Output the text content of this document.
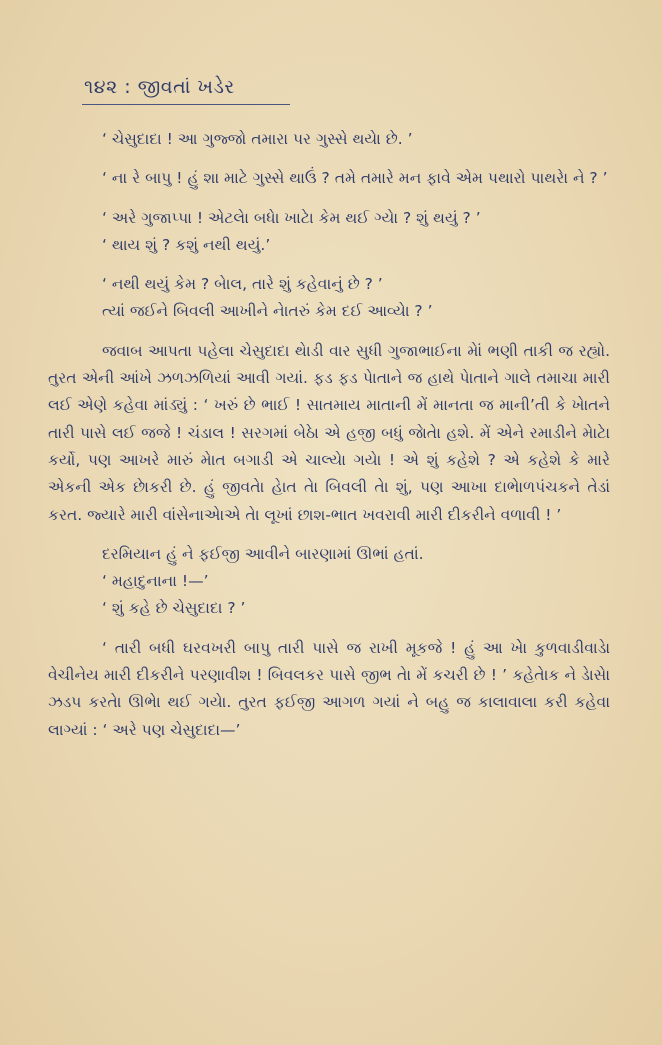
૧૪૨ : જીવતાં ખડેર

‘ ચેસુદાદા ! આ ગુજ્જો તમારા પર ગુસ્સે થયેા છે. ’

‘ ના રે બાપુ ! હું શા માટે ગુસ્સે થાઉં ? તમે તમારે મન ફાવે એમ પથારો પાથરેા ને ? ’

‘ અરે ગુજાપ્પા ! એટલેા બધેા ખાટેા કેમ થઈ ગ્યેા ? શું થયું ? ’

‘ થાય શું ? કશું નથી થયું.’

‘ નથી થયું કેમ ? બેાલ, તારે શું કહેવાનું છે ? ’

ત્યાં જઈને બિવલી આખીને નેાતરું કેમ દઈ આવ્યેા ? ’

જવાબ આપતા પહેલા ચેસુદાદા થેાડી વાર સુધી ગુજાભાઈના મેાં ભણી તાકી જ રહ્યો. તુરત એની આંખે ઝળઝળિયાં આવી ગયાં. ફડ ફડ પેાતાને જ હાથે પેાતાને ગાલે તમાચા મારી લઈ એણે કહેવા માંડ્યું : ‘ ખરું છે ભાઈ ! સાતમાય માતાની મેં માનતા જ માની’તી કે ખેાતને તારી પાસે લઈ જજે ! ચંડાલ ! સરગમાં બેઠેા એ હજી બધું જેાતેા હશે. મેં એને રમાડીને મેાટેા કર્યો, પણ આખરે મારું મેાત બગાડી એ ચાલ્યેા ગયેા ! એ શું કહેશે ? એ કહેશે કે મારે એકની એક છેાકરી છે. હું જીવતેા હેાત તેા બિવલી તેા શું, પણ આખા દાભેાળપંચકને તેડાં કરત. જ્યારે મારી વાંસેનાએાએ તેા લૂખાં છાશ-ભાત ખવરાવી મારી દીકરીને વળાવી ! ’

દરમિયાન હું ને ફઈજી આવીને બારણામાં ઊભાં હતાં.

‘ મહાદુનાના !—’

‘ શું કહે છે ચેસુદાદા ? ’

‘ તારી બધી ઘરવખરી બાપુ તારી પાસે જ રાખી મૂકજે ! હું આ ખેાે કુળવાડીવાડેા વેચીનેય મારી દીકરીને પરણાવીશ ! બિવલકર પાસે જીભ તેા મેં કચરી છે ! ’ કહેતેાક ને ડેાસેા ઝડપ કરતેા ઊભેા થઈ ગયેા. તુરત ફઈજી આગળ ગયાં ને બહુ જ કાલાવાલા કરી કહેવા લાગ્યાં : ‘ અરે પણ ચેસુદાદા—’
